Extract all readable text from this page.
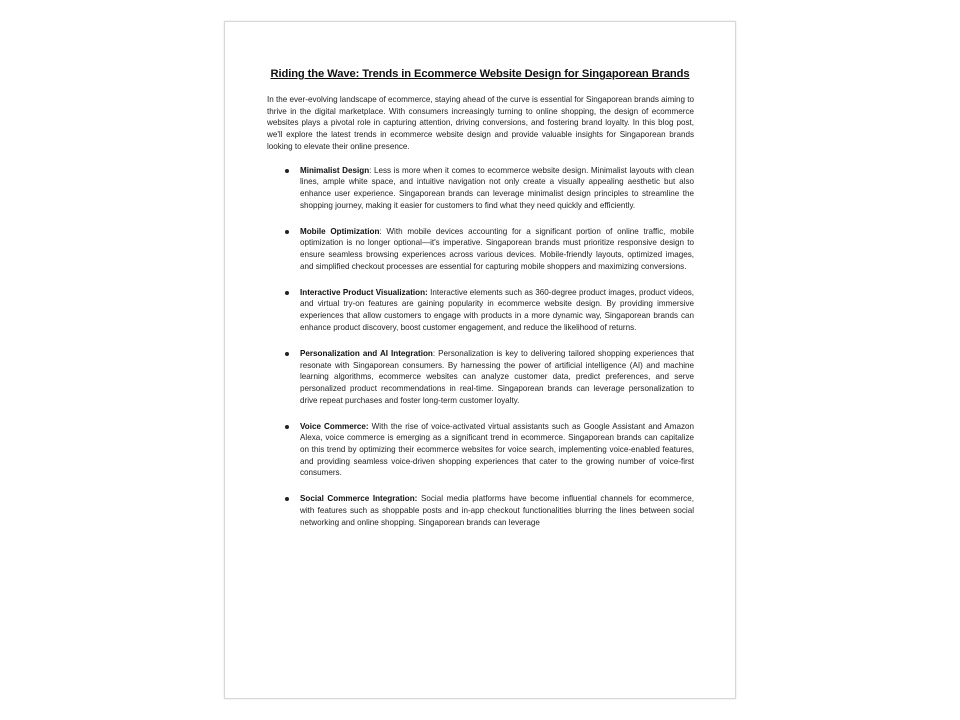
Riding the Wave: Trends in Ecommerce Website Design for Singaporean Brands

In the ever-evolving landscape of ecommerce, staying ahead of the curve is essential for Singaporean brands aiming to thrive in the digital marketplace. With consumers increasingly turning to online shopping, the design of ecommerce websites plays a pivotal role in capturing attention, driving conversions, and fostering brand loyalty. In this blog post, we'll explore the latest trends in ecommerce website design and provide valuable insights for Singaporean brands looking to elevate their online presence.

Minimalist Design: Less is more when it comes to ecommerce website design. Minimalist layouts with clean lines, ample white space, and intuitive navigation not only create a visually appealing aesthetic but also enhance user experience. Singaporean brands can leverage minimalist design principles to streamline the shopping journey, making it easier for customers to find what they need quickly and efficiently.
Mobile Optimization: With mobile devices accounting for a significant portion of online traffic, mobile optimization is no longer optional—it's imperative. Singaporean brands must prioritize responsive design to ensure seamless browsing experiences across various devices. Mobile-friendly layouts, optimized images, and simplified checkout processes are essential for capturing mobile shoppers and maximizing conversions.
Interactive Product Visualization: Interactive elements such as 360-degree product images, product videos, and virtual try-on features are gaining popularity in ecommerce website design. By providing immersive experiences that allow customers to engage with products in a more dynamic way, Singaporean brands can enhance product discovery, boost customer engagement, and reduce the likelihood of returns.
Personalization and AI Integration: Personalization is key to delivering tailored shopping experiences that resonate with Singaporean consumers. By harnessing the power of artificial intelligence (AI) and machine learning algorithms, ecommerce websites can analyze customer data, predict preferences, and serve personalized product recommendations in real-time. Singaporean brands can leverage personalization to drive repeat purchases and foster long-term customer loyalty.
Voice Commerce: With the rise of voice-activated virtual assistants such as Google Assistant and Amazon Alexa, voice commerce is emerging as a significant trend in ecommerce. Singaporean brands can capitalize on this trend by optimizing their ecommerce websites for voice search, implementing voice-enabled features, and providing seamless voice-driven shopping experiences that cater to the growing number of voice-first consumers.
Social Commerce Integration: Social media platforms have become influential channels for ecommerce, with features such as shoppable posts and in-app checkout functionalities blurring the lines between social networking and online shopping. Singaporean brands can leverage
